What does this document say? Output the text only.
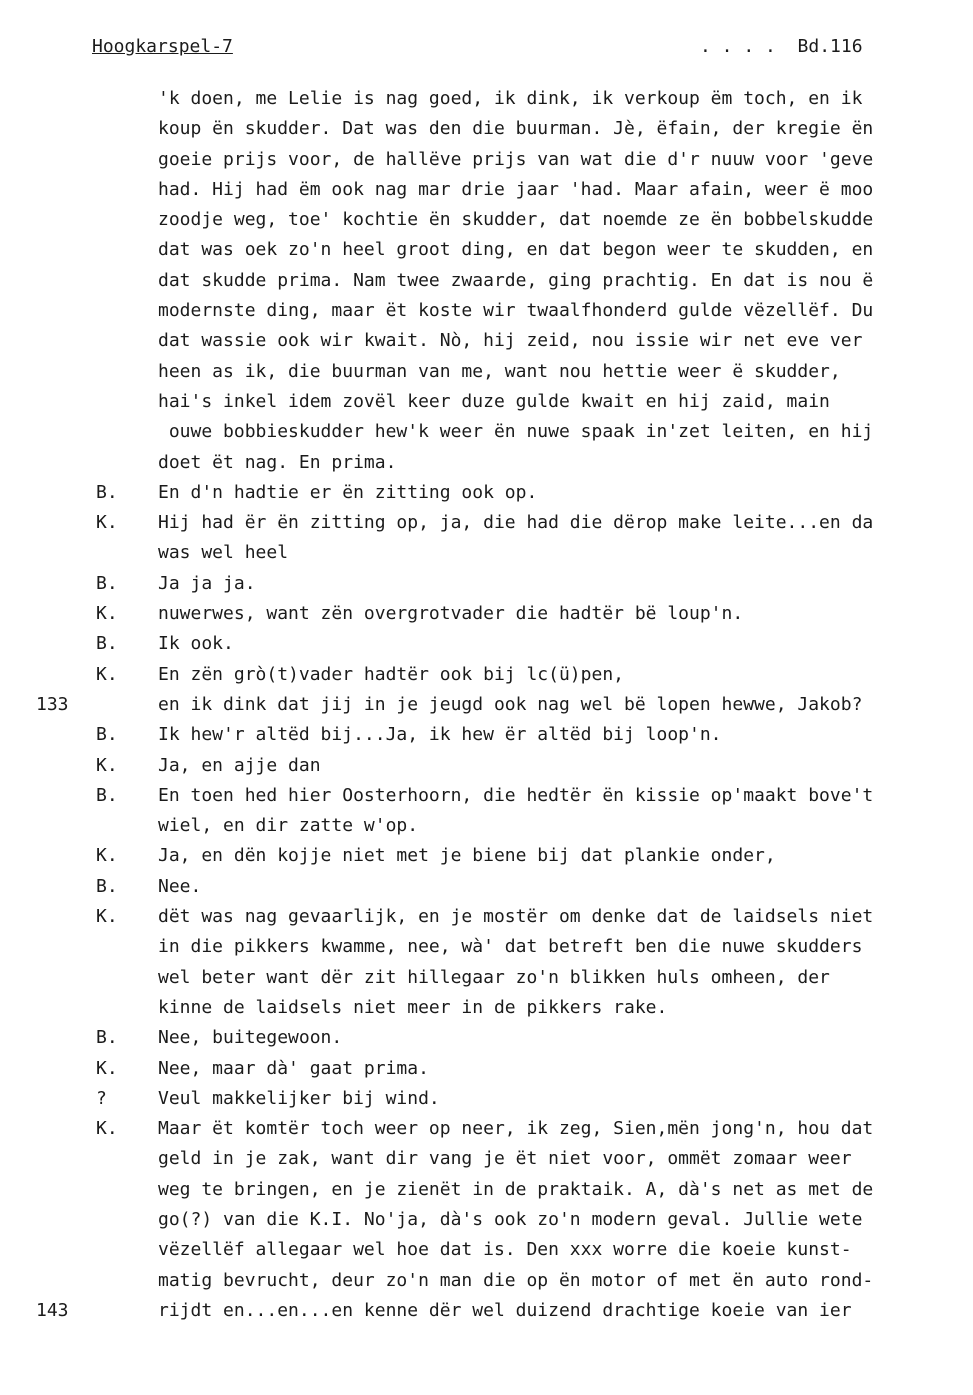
Hoogkarspel-7	. . . .  Bd.116
'k doen, me Lelie is nag goed, ik dink, ik verkoup ëm toch, en ik
koup ën skudder. Dat was den die buurman. Jè, ëfain, der kregie ën
goeie prijs voor, de hallëve prijs van wat die d'r nuuw voor 'geve
had. Hij had ëm ook nag mar drie jaar 'had. Maar afain, weer ë moo
zoodje weg, toe' kochtie ën skudder, dat noemde ze ën bobbelskudde
dat was oek zo'n heel groot ding, en dat begon weer te skudden, en
dat skudde prima. Nam twee zwaarde, ging prachtig. En dat is nou ë
modernste ding, maar ët koste wir twaalfhonderd gulde vëzellëf. Du
dat wassie ook wir kwait. Nò, hij zeid, nou issie wir net eve ver
heen as ik, die buurman van me, want nou hettie weer ë skudder,
hai's inkel idem zovël keer duze gulde kwait en hij zaid, main
ouwe bobbieskudder hew'k weer ën nuwe spaak in'zet leiten, en hij
doet ët nag. En prima.
B. En d'n hadtie er ën zitting ook op.
K. Hij had ër ën zitting op, ja, die had die dërop make leite...en da
was wel heel
B. Ja ja ja.
K. nuwerwes, want zën overgrotvader die hadtër bë loup'n.
B. Ik ook.
K. En zën grò(t)vader hadtër ook bij lc(ü)pen,
133	en ik dink dat jij in je jeugd ook nag wel bë lopen hewwe, Jakob?
B. Ik hew'r altëd bij...Ja, ik hew ër altëd bij loop'n.
K. Ja, en ajje dan
B. En toen hed hier Oosterhoorn, die hedtër ën kissie op'maakt bove't
wiel, en dir zatte w'op.
K. Ja, en dën kojje niet met je biene bij dat plankie onder,
B. Nee.
K. dët was nag gevaarlijk, en je mostër om denke dat de laidsels niet
in die pikkers kwamme, nee, wà' dat betreft ben die nuwe skudders
wel beter want dër zit hillegaar zo'n blikken huls omheen, der
kinne de laidsels niet meer in de pikkers rake.
B. Nee, buitegewoon.
K. Nee, maar dà' gaat prima.
?	Veul makkelijker bij wind.
K. Maar ët komtër toch weer op neer, ik zeg, Sien,mën jong'n, hou dat
geld in je zak, want dir vang je ët niet voor, ommët zomaar weer
weg te bringen, en je zienët in de praktaik. A, dà's net as met de
go(?) van die K.I. No'ja, dà's ook zo'n modern geval. Jullie wete
vëzellëf allegaar wel hoe dat is. Den xxx worre die koeie kunst-
matig bevrucht, deur zo'n man die op ën motor of met ën auto rond-
143	rijdt en...en...en kenne dër wel duizend drachtige koeie van ier
